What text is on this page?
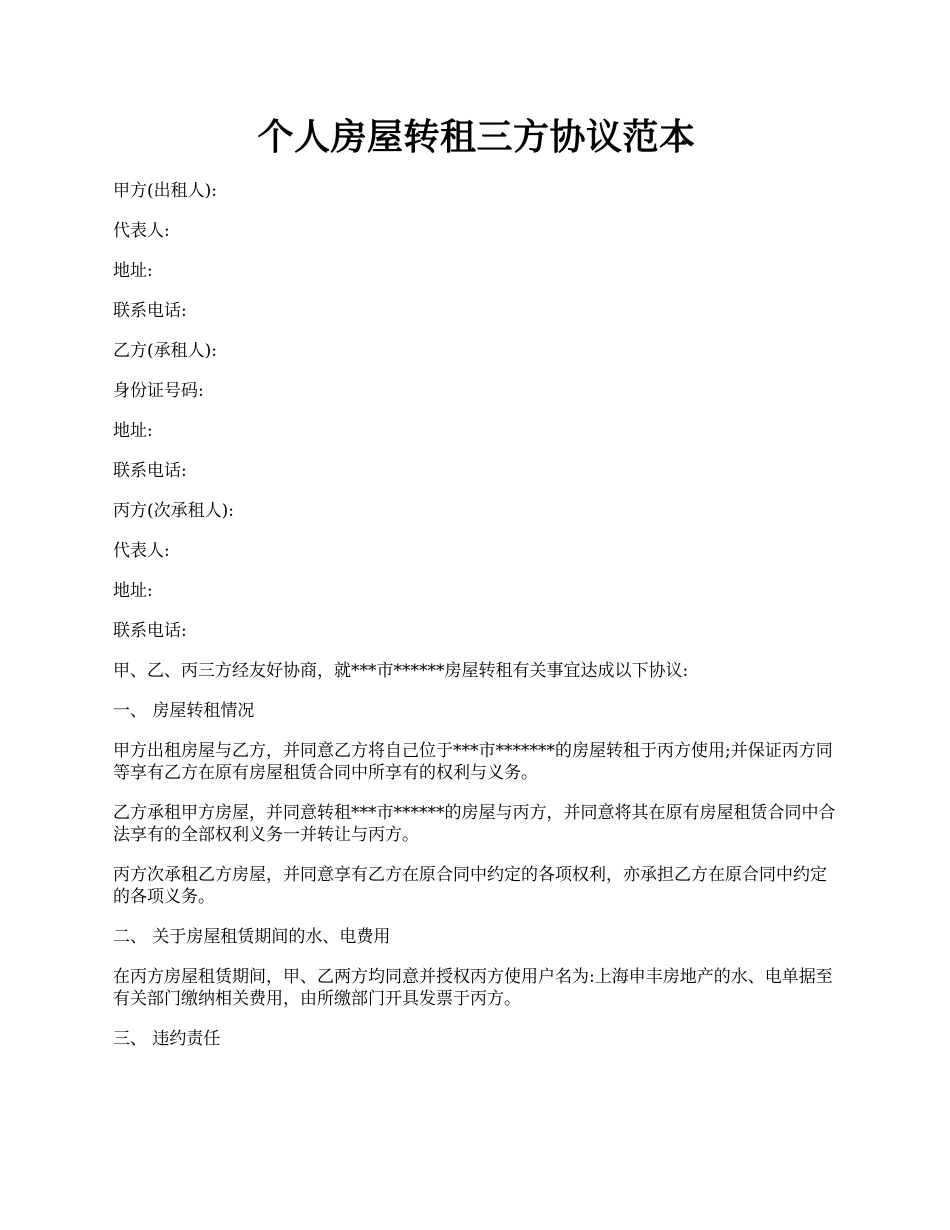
个人房屋转租三方协议范本
甲方(出租人):
代表人:
地址:
联系电话:
乙方(承租人):
身份证号码:
地址:
联系电话:
丙方(次承租人):
代表人:
地址:
联系电话:
甲、乙、丙三方经友好协商，就***市******房屋转租有关事宜达成以下协议:
一、 房屋转租情况
甲方出租房屋与乙方，并同意乙方将自己位于***市*******的房屋转租于丙方使用;并保证丙方同等享有乙方在原有房屋租赁合同中所享有的权利与义务。
乙方承租甲方房屋，并同意转租***市******的房屋与丙方，并同意将其在原有房屋租赁合同中合法享有的全部权利义务一并转让与丙方。
丙方次承租乙方房屋，并同意享有乙方在原合同中约定的各项权利，亦承担乙方在原合同中约定的各项义务。
二、 关于房屋租赁期间的水、电费用
在丙方房屋租赁期间，甲、乙两方均同意并授权丙方使用户名为:上海申丰房地产的水、电单据至有关部门缴纳相关费用，由所缴部门开具发票于丙方。
三、 违约责任
